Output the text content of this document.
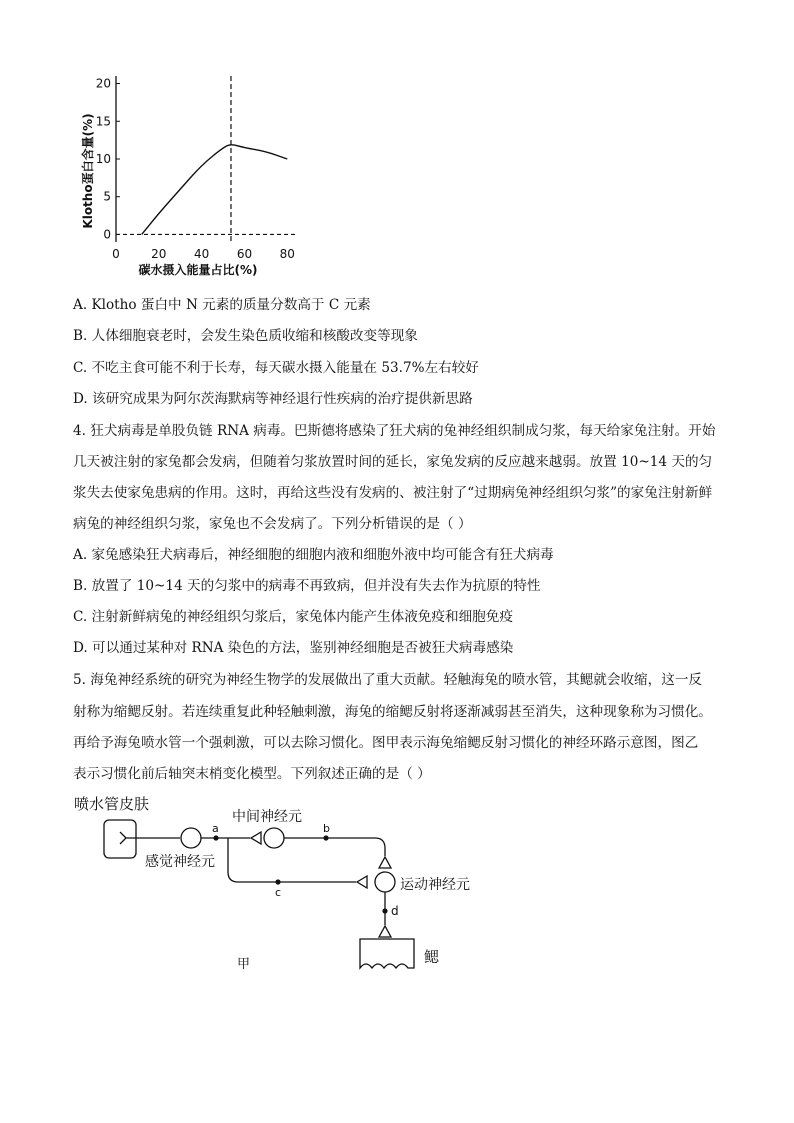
0
5
10
15
20
0	20 40 60 80
Klotho蛋白含量(%)
碳水摄入能量占比(%)
A. Klotho 蛋白中 N 元素的质量分数高于 C 元素
B. 人体细胞衰老时，会发生染色质收缩和核酸改变等现象
C. 不吃主食可能不利于长寿，每天碳水摄入能量在 53.7%左右较好
D. 该研究成果为阿尔茨海默病等神经退行性疾病的治疗提供新思路
4. 狂犬病毒是单股负链 RNA 病毒。巴斯德将感染了狂犬病的兔神经组织制成匀浆，每天给家兔注射。开始
几天被注射的家兔都会发病，但随着匀浆放置时间的延长，家兔发病的反应越来越弱。放置 10~14 天的匀
浆失去使家兔患病的作用。这时，再给这些没有发病的、被注射了“过期病兔神经组织匀浆”的家兔注射新鲜
病兔的神经组织匀浆，家兔也不会发病了。下列分析错误的是（ ）
A. 家兔感染狂犬病毒后，神经细胞的细胞内液和细胞外液中均可能含有狂犬病毒
B. 放置了 10~14 天的匀浆中的病毒不再致病，但并没有失去作为抗原的特性
C. 注射新鲜病兔的神经组织匀浆后，家兔体内能产生体液免疫和细胞免疫
D. 可以通过某种对 RNA 染色的方法，鉴别神经细胞是否被狂犬病毒感染
5. 海兔神经系统的研究为神经生物学的发展做出了重大贡献。轻触海兔的喷水管，其鳃就会收缩，这一反
射称为缩鳃反射。若连续重复此种轻触刺激，海兔的缩鳃反射将逐渐减弱甚至消失，这种现象称为习惯化。
再给予海兔喷水管一个强刺激，可以去除习惯化。图甲表示海兔缩鳃反射习惯化的神经环路示意图，图乙
表示习惯化前后轴突末梢变化模型。下列叙述正确的是（ ）
喷水管皮肤
中间神经元
感觉神经元
运动神经元
鳃
a	b
c
d
甲
